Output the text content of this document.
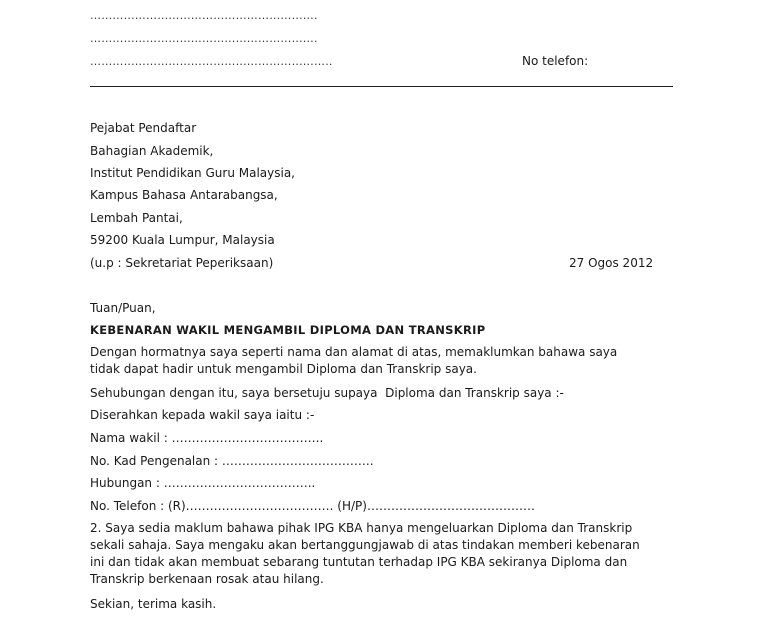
…………………………………………………….
…………………………………………………….
………………………………………………………..	No telefon:
Pejabat Pendaftar
Bahagian Akademik,
Institut Pendidikan Guru Malaysia,
Kampus Bahasa Antarabangsa,
Lembah Pantai,
59200 Kuala Lumpur, Malaysia
(u.p : Sekretariat Peperiksaan)	27 Ogos 2012
Tuan/Puan,
KEBENARAN WAKIL MENGAMBIL DIPLOMA DAN TRANSKRIP
Dengan hormatnya saya seperti nama dan alamat di atas, memaklumkan bahawa saya
tidak dapat hadir untuk mengambil Diploma dan Transkrip saya.
Sehubungan dengan itu, saya bersetuju supaya  Diploma dan Transkrip saya :-
Diserahkan kepada wakil saya iaitu :-
Nama wakil : ………………………………..
No. Kad Pengenalan : ………………………………..
Hubungan : ………………………………..
No. Telefon : (R)………………………………. (H/P)……………………………………
2. Saya sedia maklum bahawa pihak IPG KBA hanya mengeluarkan Diploma dan Transkrip
sekali sahaja. Saya mengaku akan bertanggungjawab di atas tindakan memberi kebenaran
ini dan tidak akan membuat sebarang tuntutan terhadap IPG KBA sekiranya Diploma dan
Transkrip berkenaan rosak atau hilang.
Sekian, terima kasih.
